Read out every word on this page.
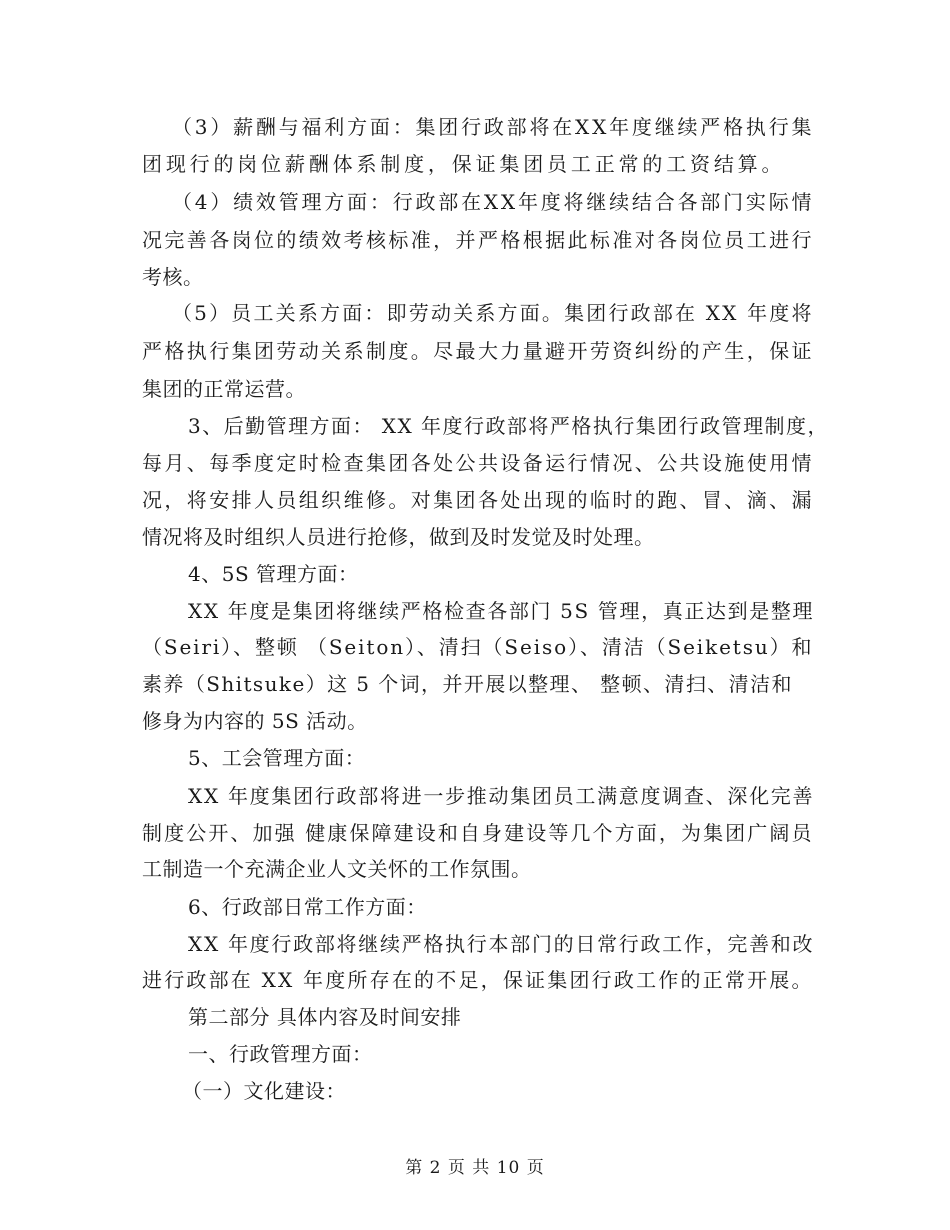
（3）薪酬与福利方面：集团行政部将在XX年度继续严格执行集
团现行的岗位薪酬体系制度，保证集团员工正常的工资结算。
（4）绩效管理方面：行政部在XX年度将继续结合各部门实际情
况完善各岗位的绩效考核标准，并严格根据此标准对各岗位员工进行
考核。
（5）员工关系方面：即劳动关系方面。集团行政部在 XX 年度将
严格执行集团劳动关系制度。尽最大力量避开劳资纠纷的产生，保证
集团的正常运营。
3、后勤管理方面： XX 年度行政部将严格执行集团行政管理制度，
每月、每季度定时检查集团各处公共设备运行情况、公共设施使用情
况，将安排人员组织维修。对集团各处出现的临时的跑、冒、滴、漏
情况将及时组织人员进行抢修，做到及时发觉及时处理。
4、5S 管理方面：
XX 年度是集团将继续严格检查各部门 5S 管理，真正达到是整理
（Seiri）、整顿 （Seiton）、清扫（Seiso）、清洁（Seiketsu）和
素养（Shitsuke）这 5 个词，并开展以整理、 整顿、清扫、清洁和
修身为内容的 5S 活动。
5、工会管理方面：
XX 年度集团行政部将进一步推动集团员工满意度调查、深化完善
制度公开、加强 健康保障建设和自身建设等几个方面，为集团广阔员
工制造一个充满企业人文关怀的工作氛围。
6、行政部日常工作方面：
XX 年度行政部将继续严格执行本部门的日常行政工作，完善和改
进行政部在 XX 年度所存在的不足，保证集团行政工作的正常开展。
第二部分 具体内容及时间安排
一、行政管理方面：
（一）文化建设：
第 2 页 共 10 页
